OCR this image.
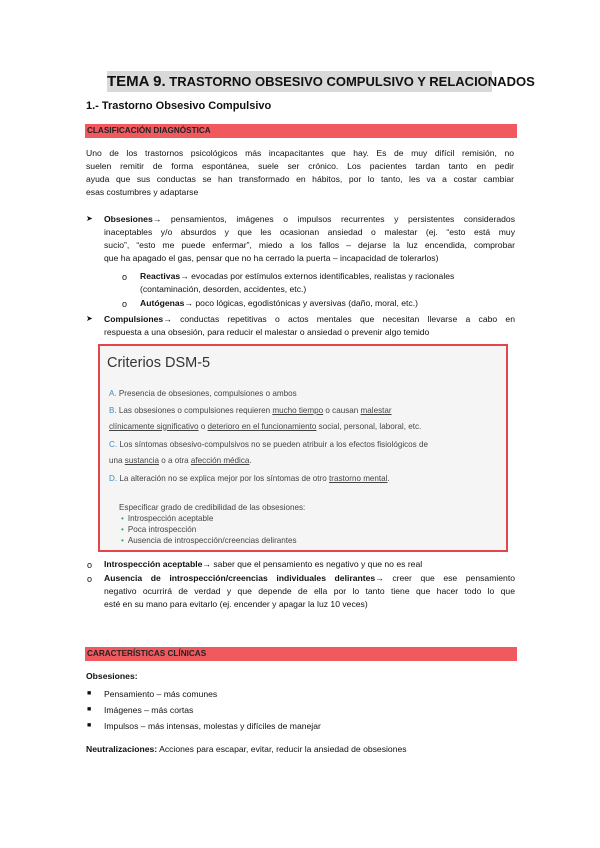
TEMA 9. TRASTORNO OBSESIVO COMPULSIVO Y RELACIONADOS
1.- Trastorno Obsesivo Compulsivo
CLASIFICACIÓN DIAGNÓSTICA
Uno de los trastornos psicológicos más incapacitantes que hay. Es de muy difícil remisión, no
suelen remitir de forma espontánea, suele ser crónico. Los pacientes tardan tanto en pedir
ayuda que sus conductas se han transformado en hábitos, por lo tanto, les va a costar cambiar
esas costumbres y adaptarse
➤ Obsesiones→ pensamientos, imágenes o impulsos recurrentes y persistentes considerados
inaceptables y/o absurdos y que les ocasionan ansiedad o malestar (ej. “esto está muy
sucio”, “esto me puede enfermar”, miedo a los fallos – dejarse la luz encendida, comprobar
que ha apagado el gas, pensar que no ha cerrado la puerta – incapacidad de tolerarlos)
o Reactivas→ evocadas por estímulos externos identificables, realistas y racionales
(contaminación, desorden, accidentes, etc.)
o Autógenas→ poco lógicas, egodistónicas y aversivas (daño, moral, etc.)
➤ Compulsiones→ conductas repetitivas o actos mentales que necesitan llevarse a cabo en
respuesta a una obsesión, para reducir el malestar o ansiedad o prevenir algo temido
Criterios DSM-5
A. Presencia de obsesiones, compulsiones o ambos
B. Las obsesiones o compulsiones requieren mucho tiempo o causan malestar
clínicamente significativo o deterioro en el funcionamiento social, personal, laboral, etc.
C. Los síntomas obsesivo-compulsivos no se pueden atribuir a los efectos fisiológicos de
una sustancia o a otra afección médica.
D. La alteración no se explica mejor por los síntomas de otro trastorno mental.
Especificar grado de credibilidad de las obsesiones:
• Introspección aceptable
• Poca introspección
• Ausencia de introspección/creencias delirantes
o Introspección aceptable→ saber que el pensamiento es negativo y que no es real
o Ausencia de introspección/creencias individuales delirantes→ creer que ese pensamiento
negativo ocurrirá de verdad y que depende de ella por lo tanto tiene que hacer todo lo que
esté en su mano para evitarlo (ej. encender y apagar la luz 10 veces)
CARACTERÍSTICAS CLÍNICAS
Obsesiones:
■ Pensamiento – más comunes
■ Imágenes – más cortas
■ Impulsos – más intensas, molestas y difíciles de manejar
Neutralizaciones: Acciones para escapar, evitar, reducir la ansiedad de obsesiones
